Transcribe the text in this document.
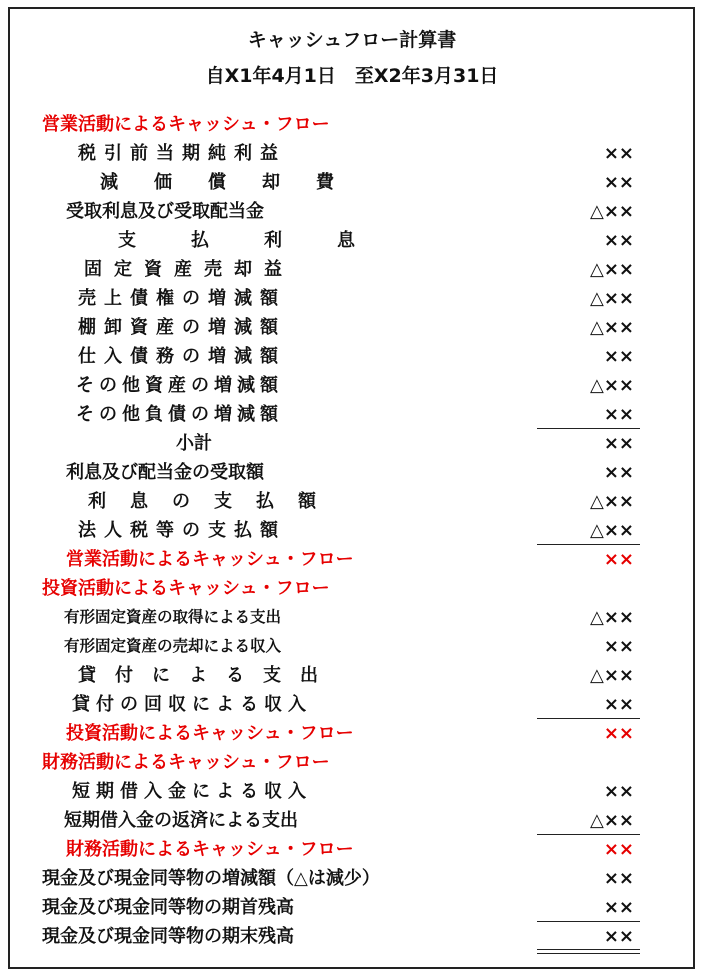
キャッシュフロー計算書
自X1年4月1日　至X2年3月31日
営業活動によるキャッシュ・フロー
税引前当期純利益	××
減価償却費	××
受取利息及び受取配当金	△××
支払利息	××
固定資産売却益	△××
売上債権の増減額	△××
棚卸資産の増減額	△××
仕入債務の増減額	××
その他資産の増減額	△××
その他負債の増減額	××
小計	××
利息及び配当金の受取額	××
利息の支払額	△××
法人税等の支払額	△××
営業活動によるキャッシュ・フロー	××
投資活動によるキャッシュ・フロー
有形固定資産の取得による支出	△××
有形固定資産の売却による収入	××
貸付による支出	△××
貸付の回収による収入	××
投資活動によるキャッシュ・フロー	××
財務活動によるキャッシュ・フロー
短期借入金による収入	××
短期借入金の返済による支出	△××
財務活動によるキャッシュ・フロー	××
現金及び現金同等物の増減額（△は減少）	××
現金及び現金同等物の期首残高	××
現金及び現金同等物の期末残高	××
